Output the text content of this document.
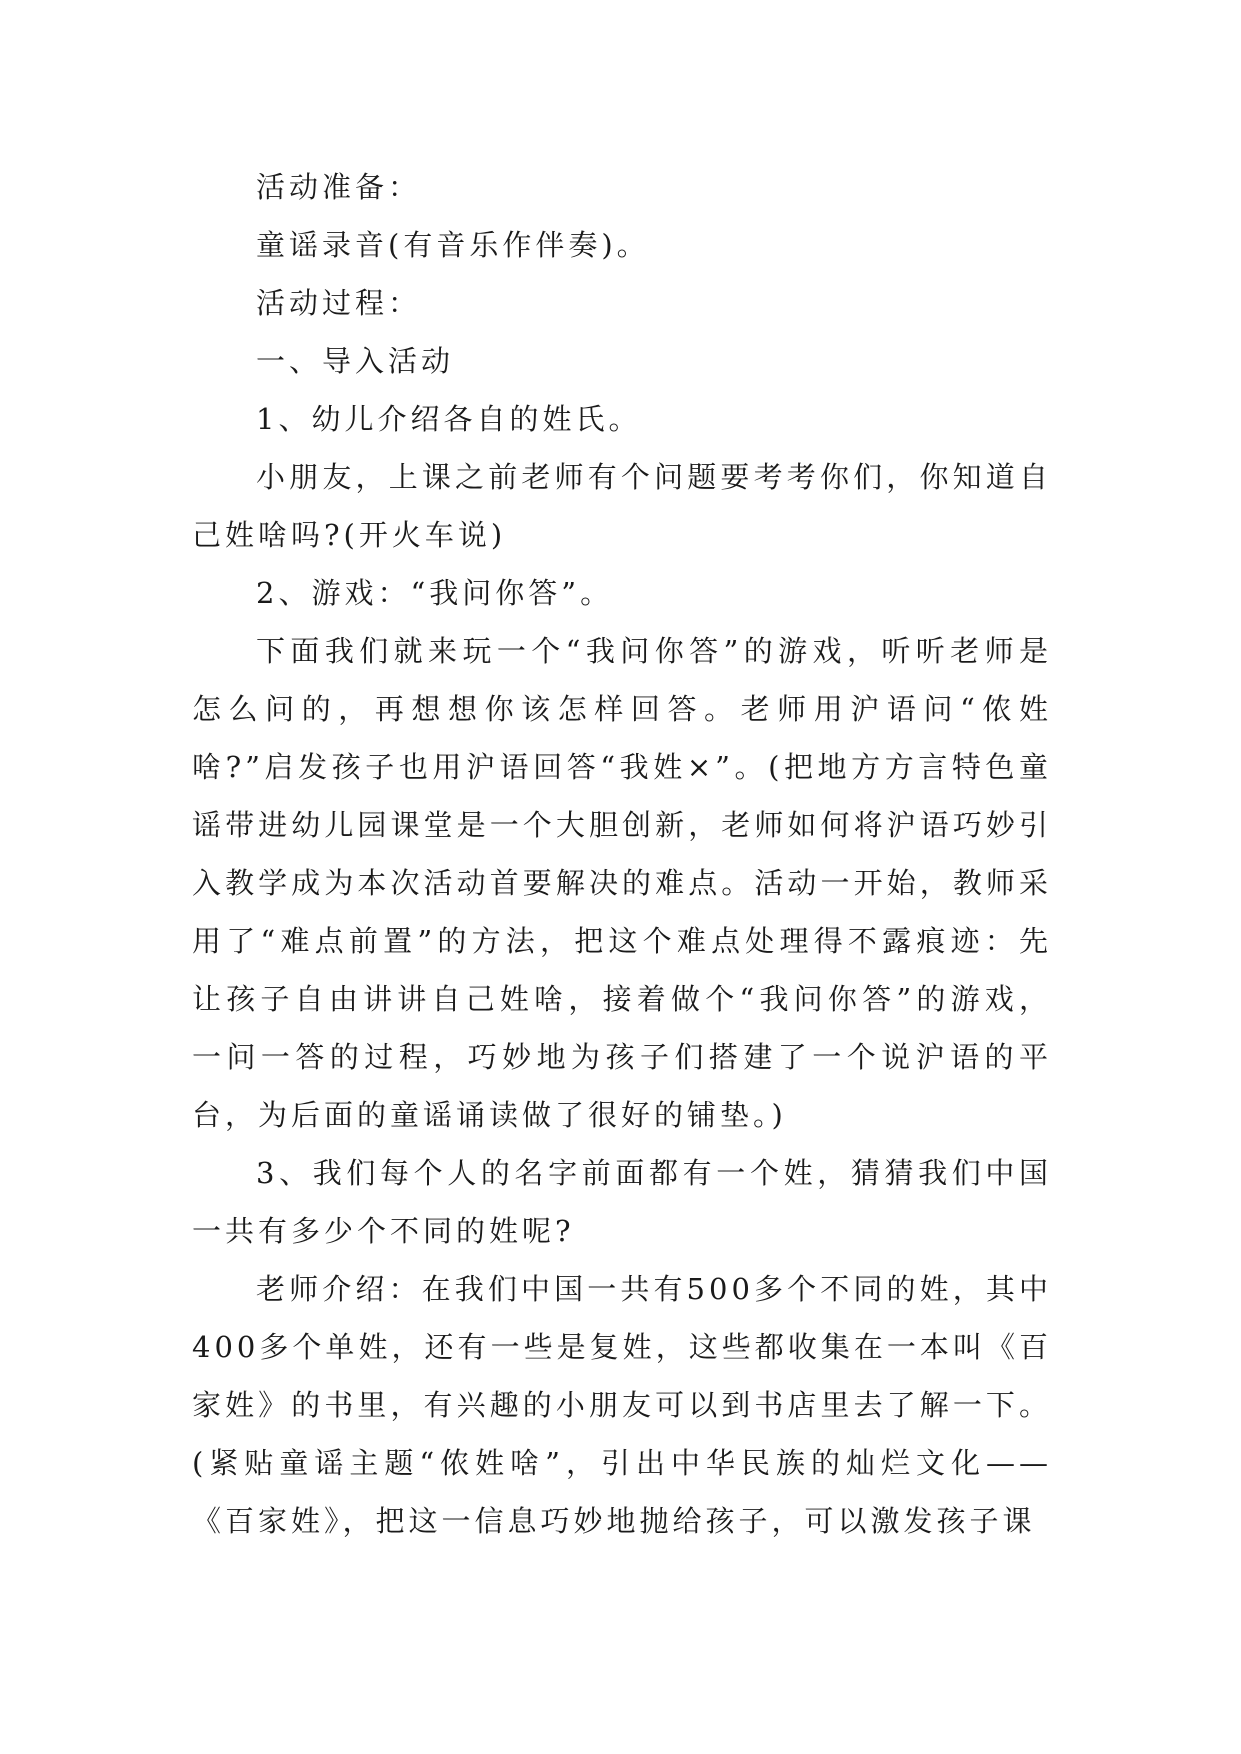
活动准备：

童谣录音(有音乐作伴奏)。

活动过程：

一、导入活动

1、幼儿介绍各自的姓氏。

小朋友，上课之前老师有个问题要考考你们，你知道自己姓啥吗?(开火车说)

2、游戏：“我问你答”。

下面我们就来玩一个“我问你答”的游戏，听听老师是怎么问的，再想想你该怎样回答。老师用沪语问“侬姓啥?”启发孩子也用沪语回答“我姓×”。(把地方方言特色童谣带进幼儿园课堂是一个大胆创新，老师如何将沪语巧妙引入教学成为本次活动首要解决的难点。活动一开始，教师采用了“难点前置”的方法，把这个难点处理得不露痕迹：先让孩子自由讲讲自己姓啥，接着做个“我问你答”的游戏，一问一答的过程，巧妙地为孩子们搭建了一个说沪语的平台，为后面的童谣诵读做了很好的铺垫。)

3、我们每个人的名字前面都有一个姓，猜猜我们中国一共有多少个不同的姓呢?

老师介绍：在我们中国一共有500多个不同的姓，其中400多个单姓，还有一些是复姓，这些都收集在一本叫《百家姓》的书里，有兴趣的小朋友可以到书店里去了解一下。(紧贴童谣主题“侬姓啥”，引出中华民族的灿烂文化——《百家姓》，把这一信息巧妙地抛给孩子，可以激发孩子课
